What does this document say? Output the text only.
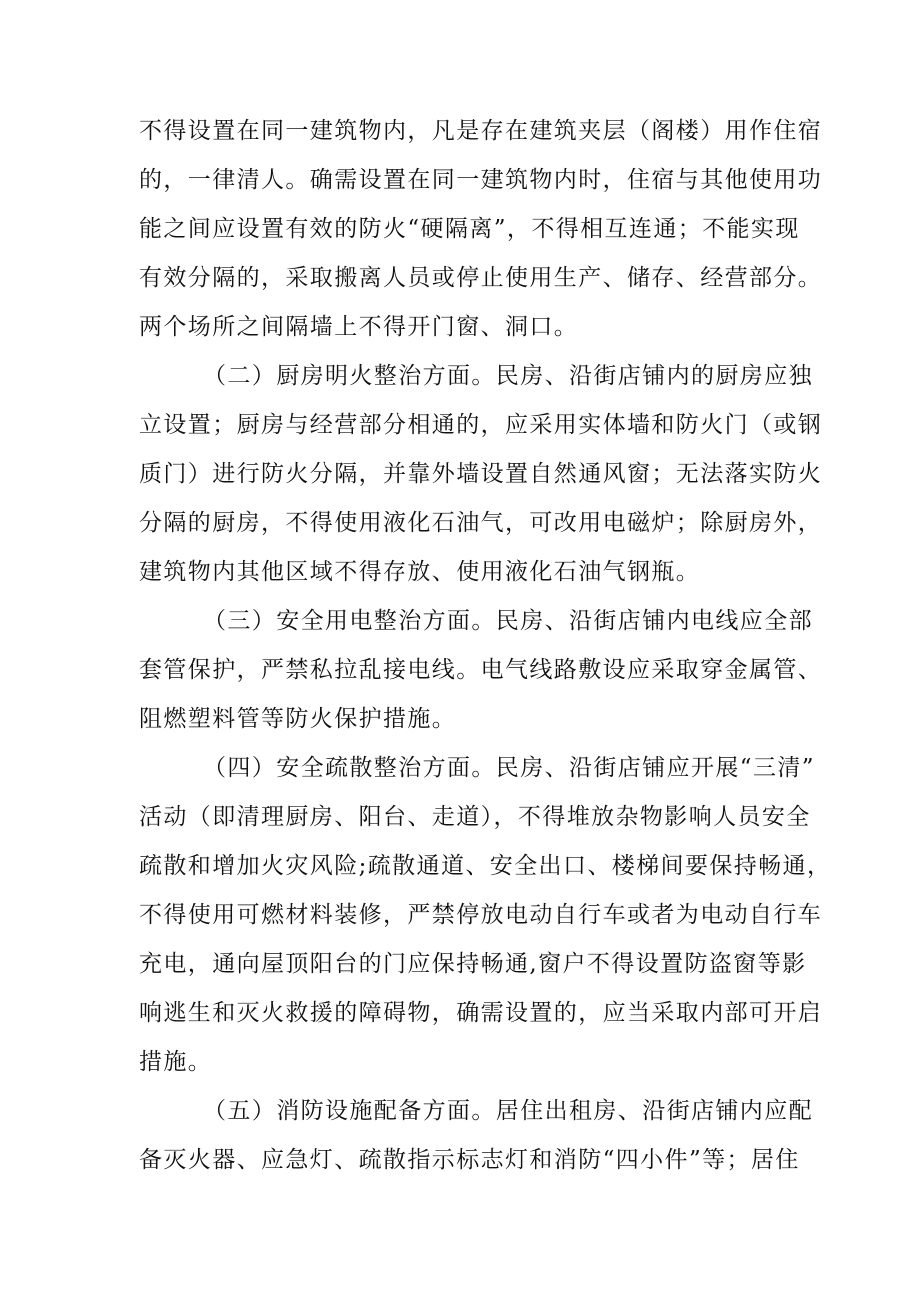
不得设置在同一建筑物内，凡是存在建筑夹层（阁楼）用作住宿
的，一律清人。确需设置在同一建筑物内时，住宿与其他使用功
能之间应设置有效的防火“硬隔离”，不得相互连通；不能实现
有效分隔的，采取搬离人员或停止使用生产、储存、经营部分。
两个场所之间隔墙上不得开门窗、洞口。
（二）厨房明火整治方面。民房、沿街店铺内的厨房应独
立设置；厨房与经营部分相通的，应采用实体墙和防火门（或钢
质门）进行防火分隔，并靠外墙设置自然通风窗；无法落实防火
分隔的厨房，不得使用液化石油气，可改用电磁炉；除厨房外，
建筑物内其他区域不得存放、使用液化石油气钢瓶。
（三）安全用电整治方面。民房、沿街店铺内电线应全部
套管保护，严禁私拉乱接电线。电气线路敷设应采取穿金属管、
阻燃塑料管等防火保护措施。
（四）安全疏散整治方面。民房、沿街店铺应开展“三清”
活动（即清理厨房、阳台、走道），不得堆放杂物影响人员安全
疏散和增加火灾风险;疏散通道、安全出口、楼梯间要保持畅通，
不得使用可燃材料装修，严禁停放电动自行车或者为电动自行车
充电，通向屋顶阳台的门应保持畅通,窗户不得设置防盗窗等影
响逃生和灭火救援的障碍物，确需设置的，应当采取内部可开启
措施。
（五）消防设施配备方面。居住出租房、沿街店铺内应配
备灭火器、应急灯、疏散指示标志灯和消防“四小件”等；居住
